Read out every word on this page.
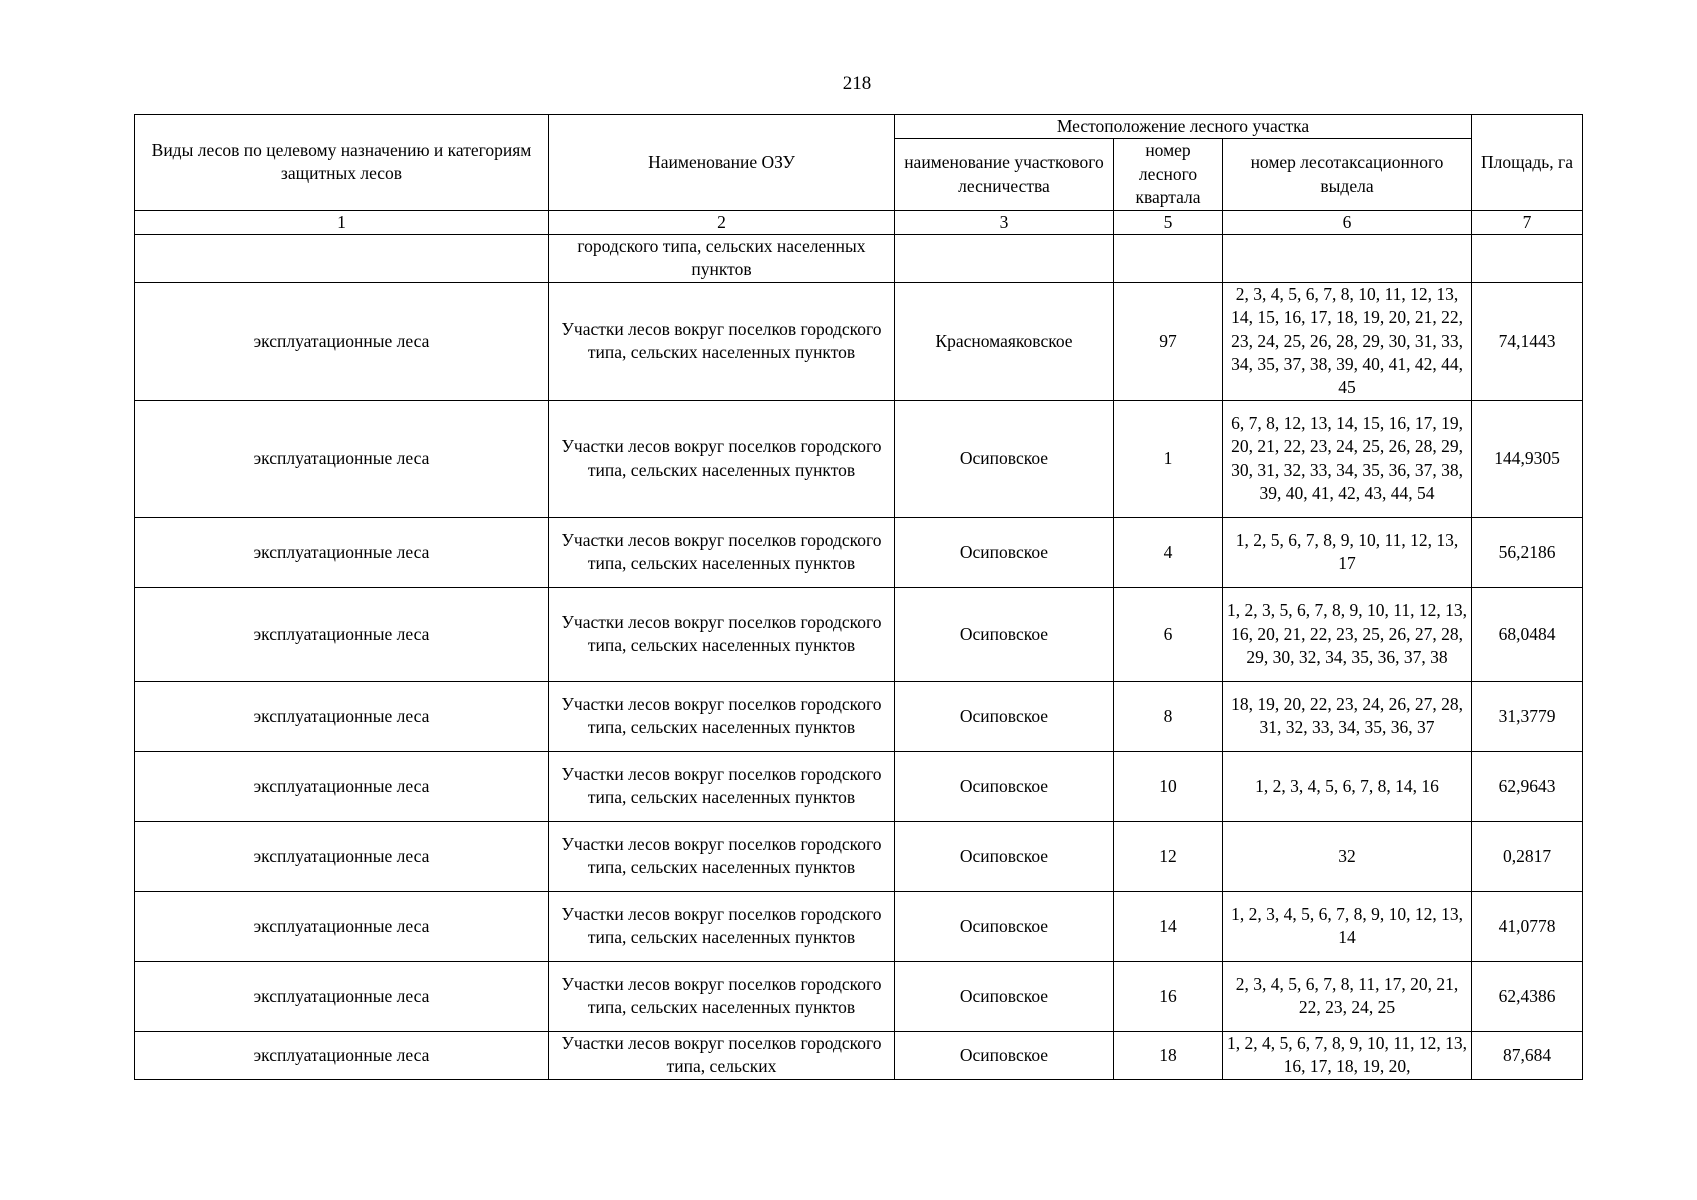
218
Виды лесов по целевому назначению и категориям защитных лесов	Наименование ОЗУ	Местоположение лесного участка			Площадь, га
		наименование участкового лесничества	номер лесного квартала	номер лесотаксационного выдела	
1	2	3	5	6	7
	городского типа, сельских населенных пунктов				
эксплуатационные леса	Участки лесов вокруг поселков городского типа, сельских населенных пунктов	Красномаяковское	97	2, 3, 4, 5, 6, 7, 8, 10, 11, 12, 13, 14, 15, 16, 17, 18, 19, 20, 21, 22, 23, 24, 25, 26, 28, 29, 30, 31, 33, 34, 35, 37, 38, 39, 40, 41, 42, 44, 45	74,1443
эксплуатационные леса	Участки лесов вокруг поселков городского типа, сельских населенных пунктов	Осиповское	1	6, 7, 8, 12, 13, 14, 15, 16, 17, 19, 20, 21, 22, 23, 24, 25, 26, 28, 29, 30, 31, 32, 33, 34, 35, 36, 37, 38, 39, 40, 41, 42, 43, 44, 54	144,9305
эксплуатационные леса	Участки лесов вокруг поселков городского типа, сельских населенных пунктов	Осиповское	4	1, 2, 5, 6, 7, 8, 9, 10, 11, 12, 13, 17	56,2186
эксплуатационные леса	Участки лесов вокруг поселков городского типа, сельских населенных пунктов	Осиповское	6	1, 2, 3, 5, 6, 7, 8, 9, 10, 11, 12, 13, 16, 20, 21, 22, 23, 25, 26, 27, 28, 29, 30, 32, 34, 35, 36, 37, 38	68,0484
эксплуатационные леса	Участки лесов вокруг поселков городского типа, сельских населенных пунктов	Осиповское	8	18, 19, 20, 22, 23, 24, 26, 27, 28, 31, 32, 33, 34, 35, 36, 37	31,3779
эксплуатационные леса	Участки лесов вокруг поселков городского типа, сельских населенных пунктов	Осиповское	10	1, 2, 3, 4, 5, 6, 7, 8, 14, 16	62,9643
эксплуатационные леса	Участки лесов вокруг поселков городского типа, сельских населенных пунктов	Осиповское	12	32	0,2817
эксплуатационные леса	Участки лесов вокруг поселков городского типа, сельских населенных пунктов	Осиповское	14	1, 2, 3, 4, 5, 6, 7, 8, 9, 10, 12, 13, 14	41,0778
эксплуатационные леса	Участки лесов вокруг поселков городского типа, сельских населенных пунктов	Осиповское	16	2, 3, 4, 5, 6, 7, 8, 11, 17, 20, 21, 22, 23, 24, 25	62,4386
эксплуатационные леса	Участки лесов вокруг поселков городского типа, сельских	Осиповское	18	1, 2, 4, 5, 6, 7, 8, 9, 10, 11, 12, 13, 16, 17, 18, 19, 20,	87,684
